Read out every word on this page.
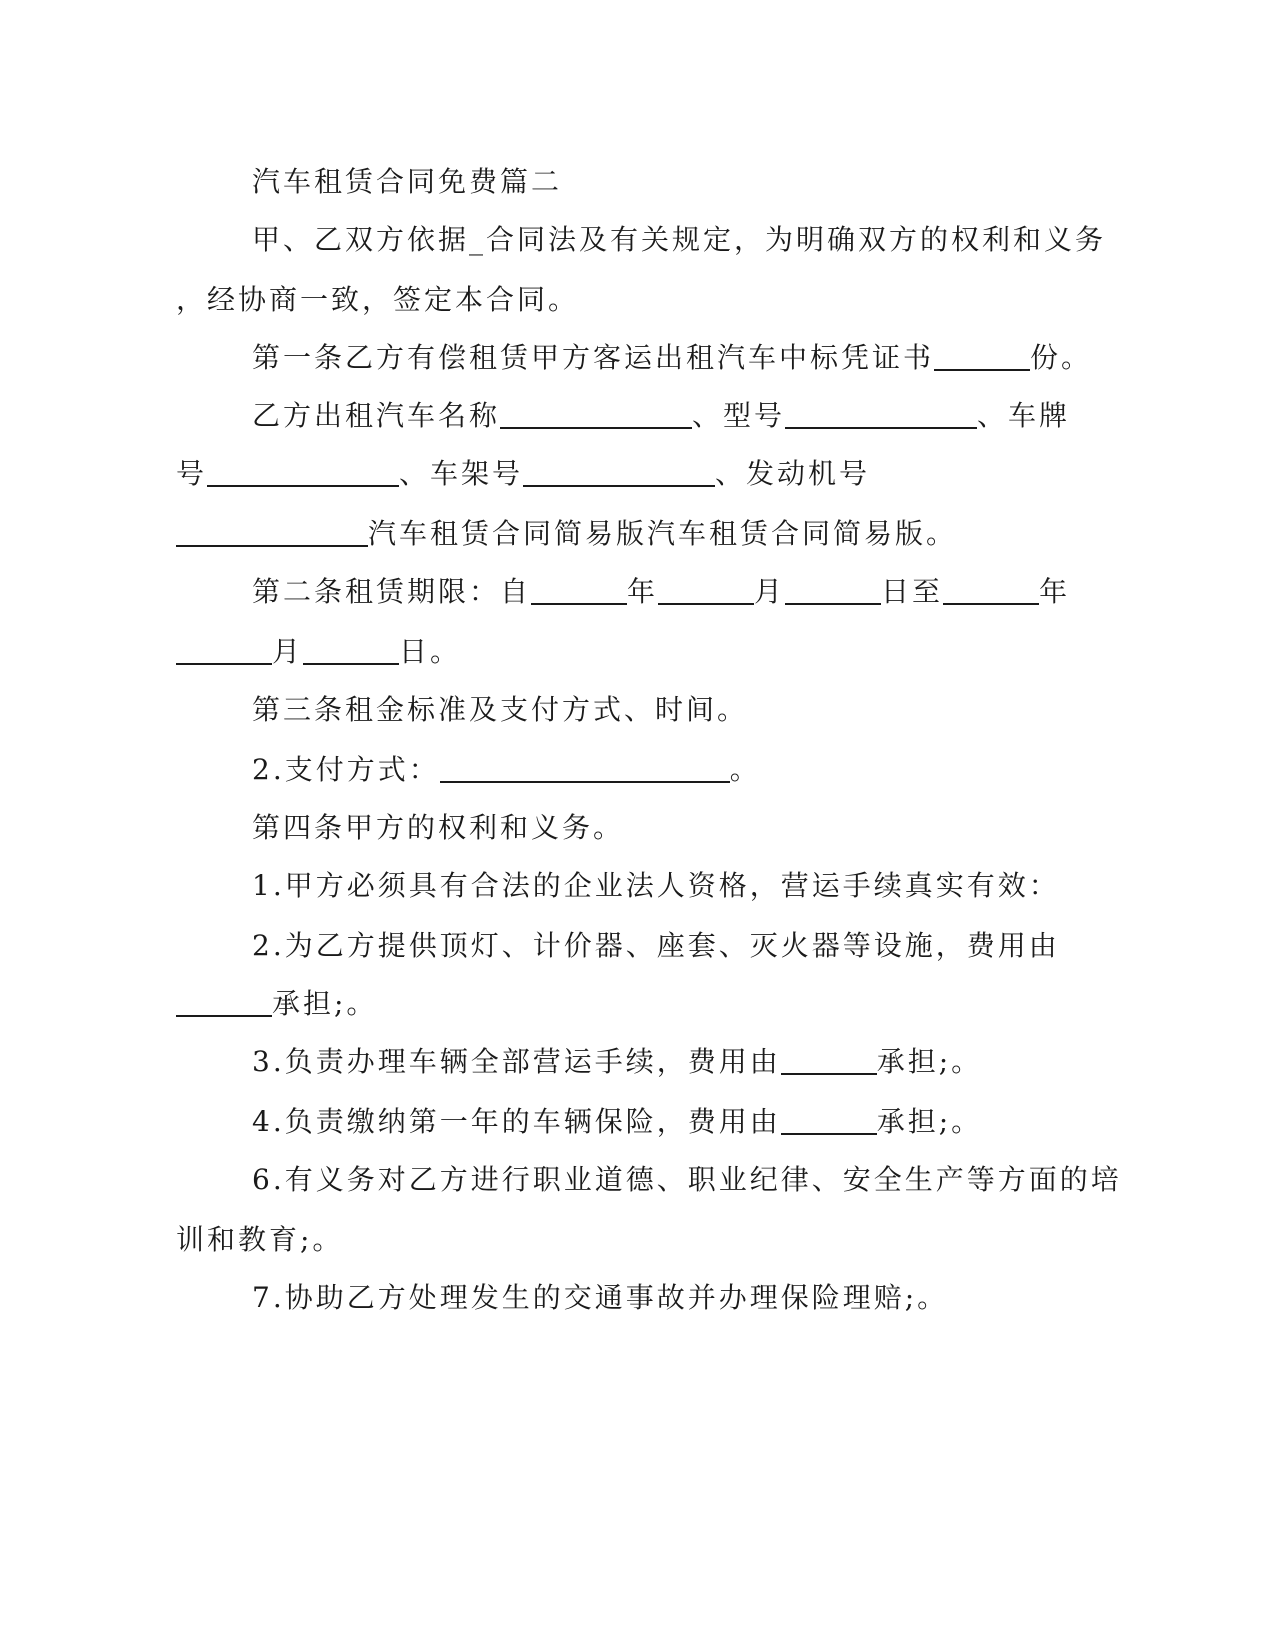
汽车租赁合同免费篇二

甲、乙双方依据_合同法及有关规定，为明确双方的权利和义务

，经协商一致，签定本合同。

第一条乙方有偿租赁甲方客运出租汽车中标凭证书	份。

乙方出租汽车名称	、型号	、车牌

号	、车架号	、发动机号

汽车租赁合同简易版汽车租赁合同简易版。

第二条租赁期限：自	年	月	日至	年

月	日。

第三条租金标准及支付方式、时间。

2.支付方式：	。

第四条甲方的权利和义务。

1.甲方必须具有合法的企业法人资格，营运手续真实有效：

2.为乙方提供顶灯、计价器、座套、灭火器等设施，费用由

承担;。

3.负责办理车辆全部营运手续，费用由	承担;。

4.负责缴纳第一年的车辆保险，费用由	承担;。

6.有义务对乙方进行职业道德、职业纪律、安全生产等方面的培

训和教育;。

7.协助乙方处理发生的交通事故并办理保险理赔;。
